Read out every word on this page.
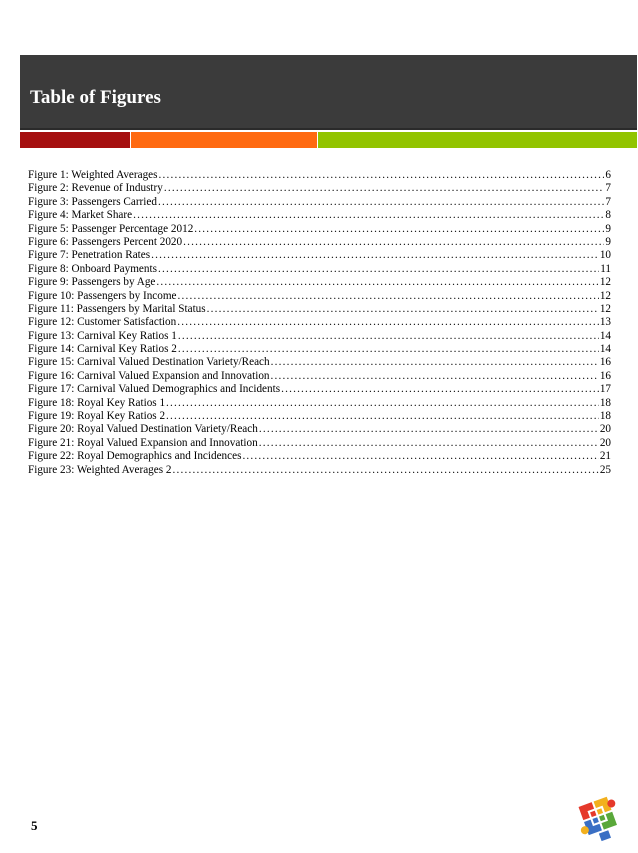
Table of Figures
Figure 1: Weighted Averages .....	6
Figure 2: Revenue of Industry .....	7
Figure 3: Passengers Carried .....	7
Figure 4: Market Share .....	8
Figure 5: Passenger Percentage 2012 .....	9
Figure 6: Passengers Percent 2020 .....	9
Figure 7: Penetration Rates .....	10
Figure 8: Onboard Payments .....	11
Figure 9: Passengers by Age .....	12
Figure 10: Passengers by Income .....	12
Figure 11: Passengers by Marital Status .....	12
Figure 12: Customer Satisfaction .....	13
Figure 13: Carnival Key Ratios 1 .....	14
Figure 14: Carnival Key Ratios 2 .....	14
Figure 15: Carnival Valued Destination Variety/Reach .....	16
Figure 16: Carnival Valued Expansion and Innovation .....	16
Figure 17: Carnival Valued Demographics and Incidents .....	17
Figure 18: Royal Key Ratios 1 .....	18
Figure 19: Royal Key Ratios 2 .....	18
Figure 20: Royal Valued Destination Variety/Reach .....	20
Figure 21: Royal Valued Expansion and Innovation .....	20
Figure 22: Royal Demographics and Incidences .....	21
Figure 23: Weighted Averages 2 .....	25
5
